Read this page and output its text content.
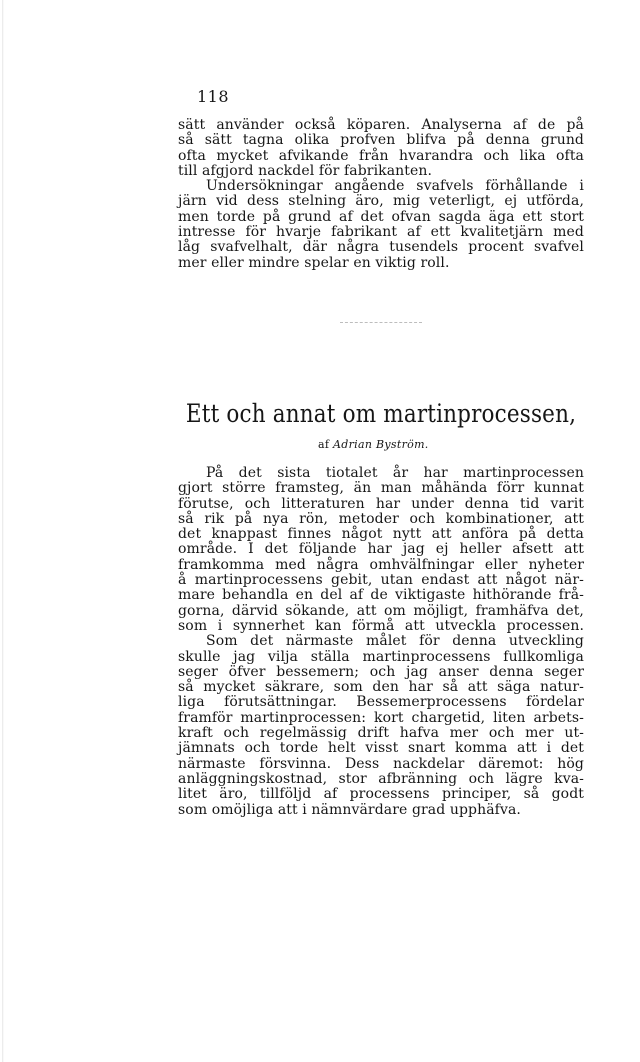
118
sätt använder också köparen. Analyserna af de på
så sätt tagna olika profven blifva på denna grund
ofta mycket afvikande från hvarandra och lika ofta
till afgjord nackdel för fabrikanten.
Undersökningar angående svafvels förhållande i
järn vid dess stelning äro, mig veterligt, ej utförda,
men torde på grund af det ofvan sagda äga ett stort
intresse för hvarje fabrikant af ett kvalitetjärn med
låg svafvelhalt, där några tusendels procent svafvel
mer eller mindre spelar en viktig roll.
Ett och annat om martinprocessen,
af Adrian Byström.
På det sista tiotalet år har martinprocessen
gjort större framsteg, än man måhända förr kunnat
förutse, och litteraturen har under denna tid varit
så rik på nya rön, metoder och kombinationer, att
det knappast finnes något nytt att anföra på detta
område. I det följande har jag ej heller afsett att
framkomma med några omhvälfningar eller nyheter
å martinprocessens gebit, utan endast att något när-
mare behandla en del af de viktigaste hithörande frå-
gorna, därvid sökande, att om möjligt, framhäfva det,
som i synnerhet kan förmå att utveckla processen.
Som det närmaste målet för denna utveckling
skulle jag vilja ställa martinprocessens fullkomliga
seger öfver bessemern; och jag anser denna seger
så mycket säkrare, som den har så att säga natur-
liga förutsättningar. Bessemerprocessens fördelar
framför martinprocessen: kort chargetid, liten arbets-
kraft och regelmässig drift hafva mer och mer ut-
jämnats och torde helt visst snart komma att i det
närmaste försvinna. Dess nackdelar däremot: hög
anläggningskostnad, stor afbränning och lägre kva-
litet äro, tillföljd af processens principer, så godt
som omöjliga att i nämnvärdare grad upphäfva.
